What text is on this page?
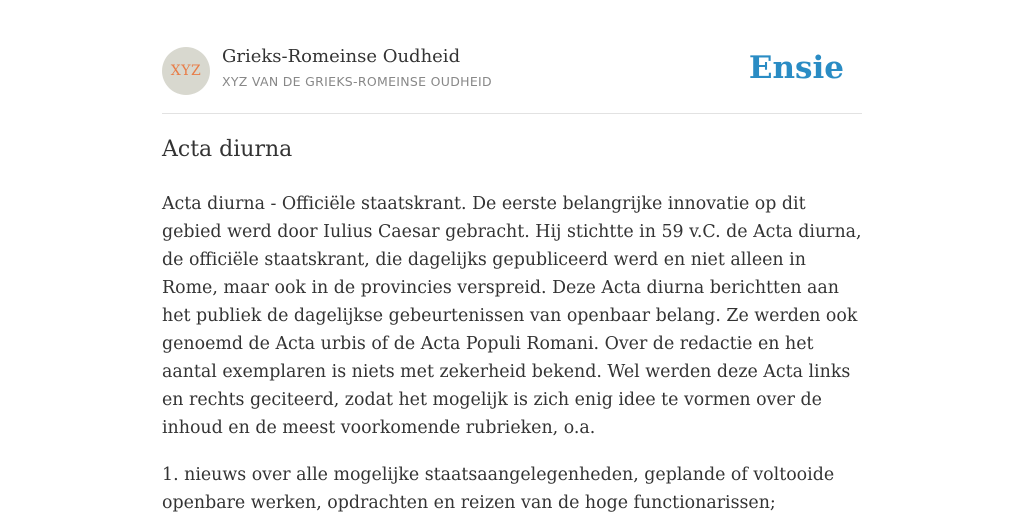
XYZ
Grieks-Romeinse Oudheid
XYZ VAN DE GRIEKS-ROMEINSE OUDHEID	Ensie
Acta diurna

Acta diurna - Officiële staatskrant. De eerste belangrijke innovatie op dit gebied werd door Iulius Caesar gebracht. Hij stichtte in 59 v.C. de Acta diurna, de officiële staatskrant, die dagelijks gepubliceerd werd en niet alleen in Rome, maar ook in de provincies verspreid. Deze Acta diurna berichtten aan het publiek de dagelijkse gebeurtenissen van openbaar belang. Ze werden ook genoemd de Acta urbis of de Acta Populi Romani. Over de redactie en het aantal exemplaren is niets met zekerheid bekend. Wel werden deze Acta links en rechts geciteerd, zodat het mogelijk is zich enig idee te vormen over de inhoud en de meest voorkomende rubrieken, o.a.

1. nieuws over alle mogelijke staatsaangelegenheden, geplande of voltooide openbare werken, opdrachten en reizen van de hoge functionarissen;
